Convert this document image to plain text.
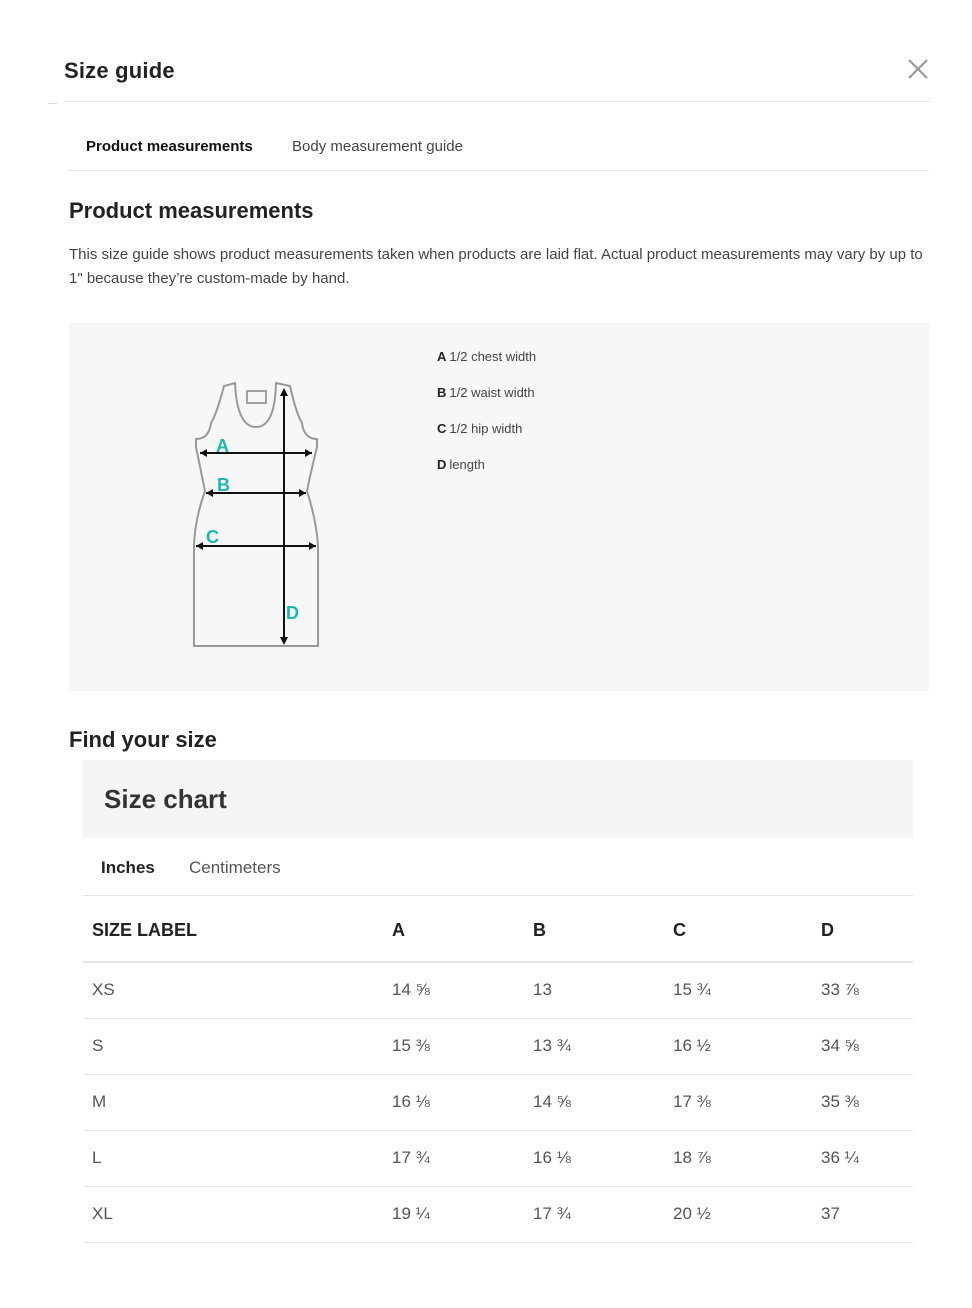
Size guide
Product measurements	Body measurement guide
Product measurements
This size guide shows product measurements taken when products are laid flat. Actual product measurements may vary by up to 1" because they’re custom-made by hand.
A
B
C
D
A 1/2 chest width
B 1/2 waist width
C 1/2 hip width
D length
Find your size
Size chart
Inches Centimeters
SIZE LABEL	A	B	C	D
XS	14 ⅝	13	15 ¾	33 ⅞
S	15 ⅜	13 ¾	16 ½	34 ⅝
M	16 ⅛	14 ⅝	17 ⅜	35 ⅜
L	17 ¾	16 ⅛	18 ⅞	36 ¼
XL	19 ¼	17 ¾	20 ½	37
